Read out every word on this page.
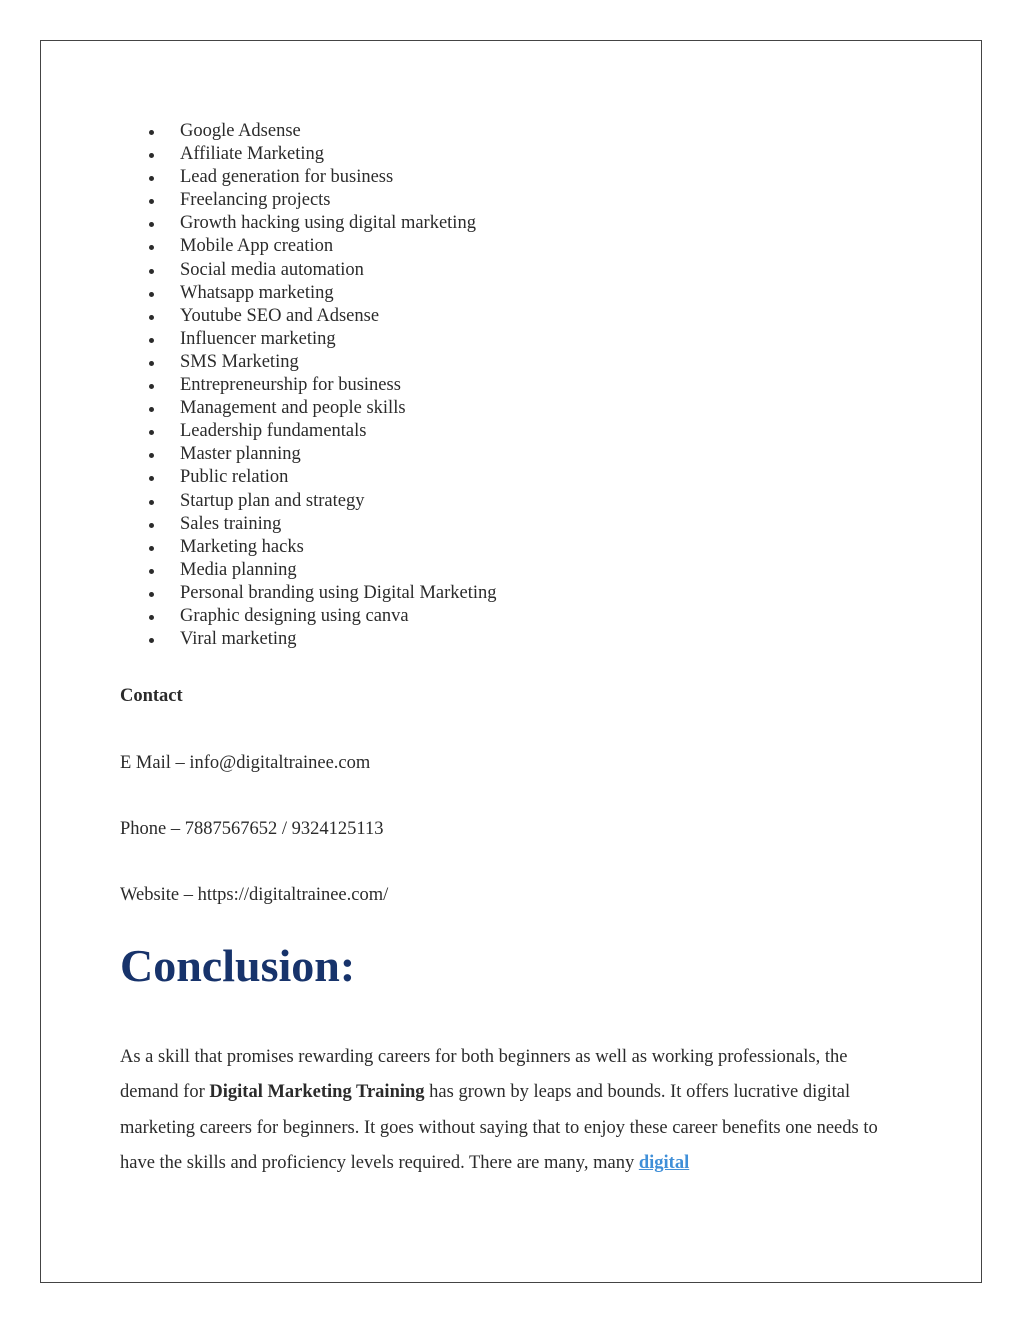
Google Adsense
Affiliate Marketing
Lead generation for business
Freelancing projects
Growth hacking using digital marketing
Mobile App creation
Social media automation
Whatsapp marketing
Youtube SEO and Adsense
Influencer marketing
SMS Marketing
Entrepreneurship for business
Management and people skills
Leadership fundamentals
Master planning
Public relation
Startup plan and strategy
Sales training
Marketing hacks
Media planning
Personal branding using Digital Marketing
Graphic designing using canva
Viral marketing

Contact

E Mail – info@digitaltrainee.com

Phone – 7887567652 / 9324125113

Website – https://digitaltrainee.com/

Conclusion:

As a skill that promises rewarding careers for both beginners as well as working professionals, the demand for Digital Marketing Training has grown by leaps and bounds. It offers lucrative digital marketing careers for beginners. It goes without saying that to enjoy these career benefits one needs to have the skills and proficiency levels required. There are many, many digital
